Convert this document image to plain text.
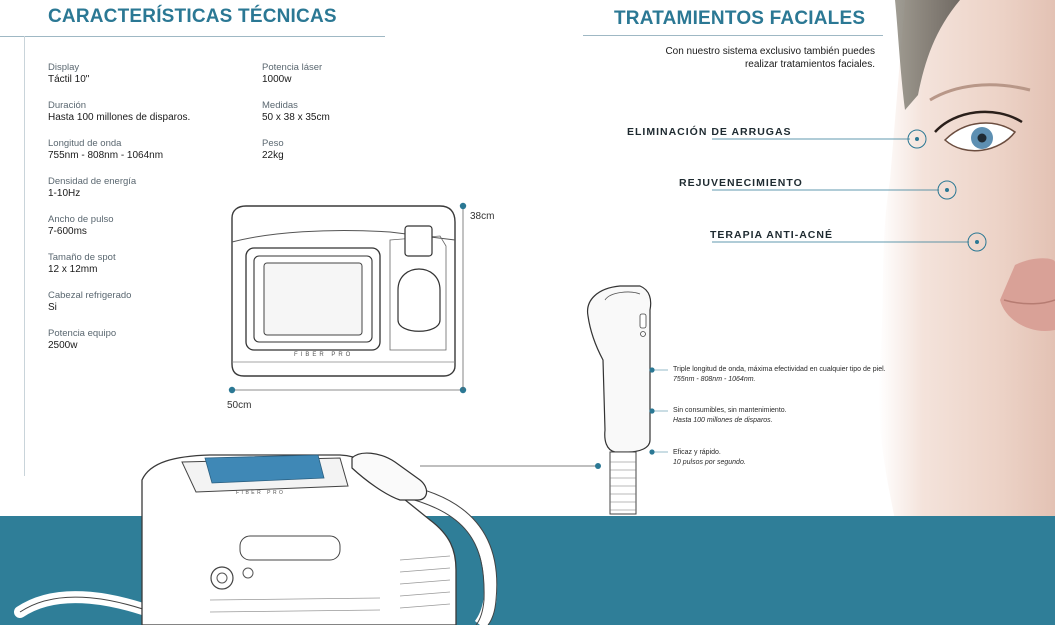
CARACTERÍSTICAS TÉCNICAS
Display
Táctil 10"
Duración
Hasta 100 millones de disparos.
Longitud de onda
755nm - 808nm - 1064nm
Densidad de energía
1-10Hz
Ancho de pulso
7-600ms
Tamaño de spot
12 x 12mm
Cabezal refrigerado
Si
Potencia equipo
2500w
Potencia láser
1000w
Medidas
50 x 38 x 35cm
Peso
22kg
FIBER PRO
38cm
50cm
TRATAMIENTOS FACIALES
Con nuestro sistema exclusivo también puedes
realizar tratamientos faciales.
ELIMINACIÓN DE ARRUGAS
REJUVENECIMIENTO
TERAPIA ANTI-ACNÉ
Triple longitud de onda, máxima efectividad en cualquier tipo de piel.
755nm - 808nm - 1064nm.
Sin consumibles, sin mantenimiento.
Hasta 100 millones de disparos.
Eficaz y rápido.
10 pulsos por segundo.
FIBER PRO
